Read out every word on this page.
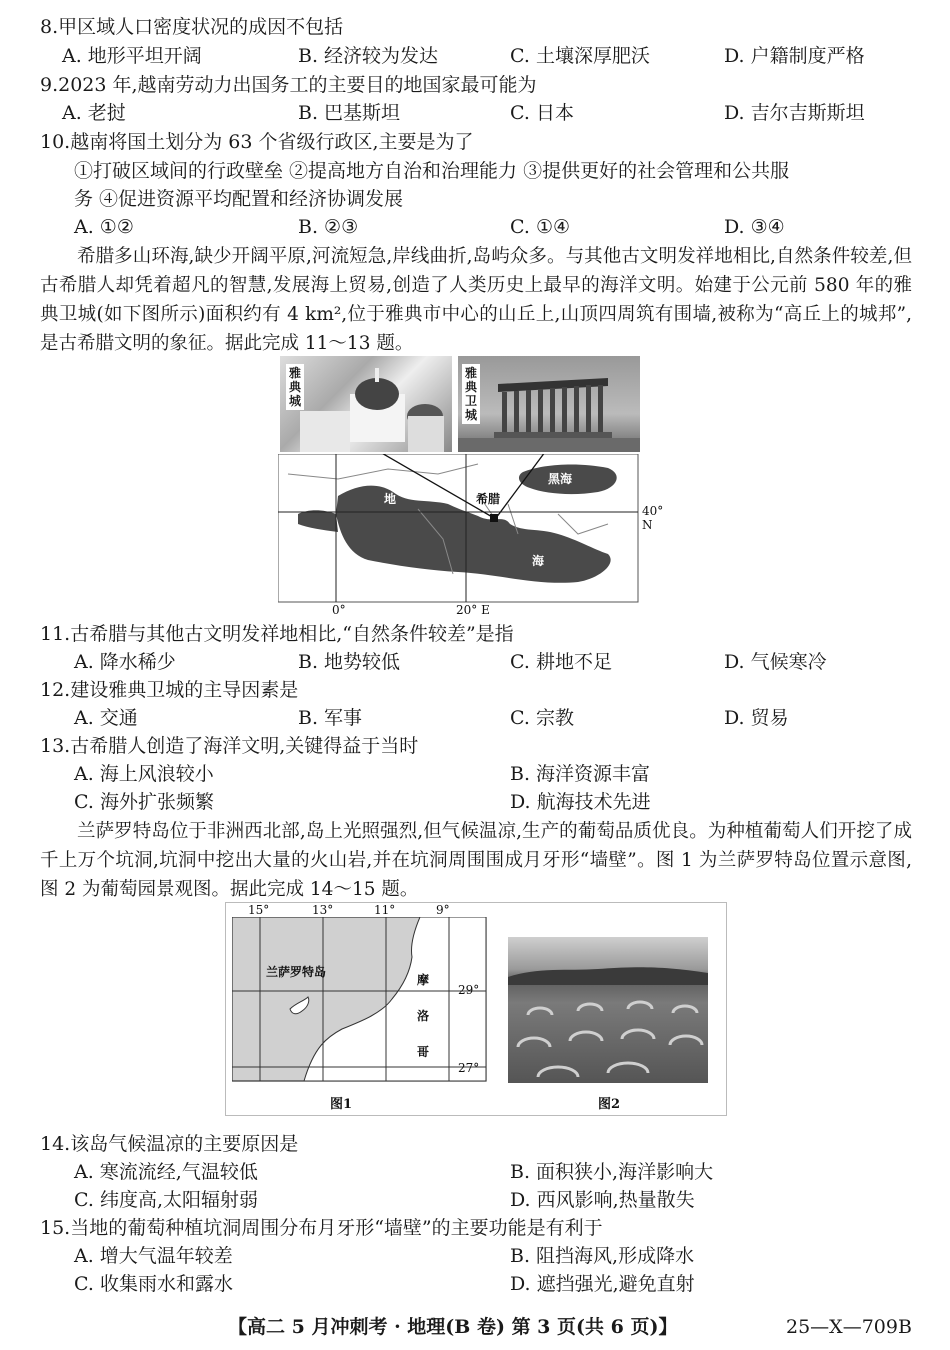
8.甲区域人口密度状况的成因不包括
A. 地形平坦开阔	B. 经济较为发达	C. 土壤深厚肥沃	D. 户籍制度严格
9.2023 年,越南劳动力出国务工的主要目的地国家最可能为
A. 老挝	B. 巴基斯坦	C. 日本	D. 吉尔吉斯斯坦
10.越南将国土划分为 63 个省级行政区,主要是为了
①打破区域间的行政壁垒 ②提高地方自治和治理能力 ③提供更好的社会管理和公共服
务 ④促进资源平均配置和经济协调发展
A. ①②	B. ②③	C. ①④	D. ③④
希腊多山环海,缺少开阔平原,河流短急,岸线曲折,岛屿众多。与其他古文明发祥地相比,自然条件较差,但古希腊人却凭着超凡的智慧,发展海上贸易,创造了人类历史上最早的海洋文明。始建于公元前 580 年的雅典卫城(如下图所示)面积约有 4 km²,位于雅典市中心的山丘上,山顶四周筑有围墙,被称为“高丘上的城邦”,是古希腊文明的象征。据此完成 11～13 题。
雅典城
雅典卫城
地
中
海
希腊
黑海
40° N
0°	20° E
11.古希腊与其他古文明发祥地相比,“自然条件较差”是指
A. 降水稀少	B. 地势较低	C. 耕地不足	D. 气候寒冷
12.建设雅典卫城的主导因素是
A. 交通	B. 军事	C. 宗教	D. 贸易
13.古希腊人创造了海洋文明,关键得益于当时
A. 海上风浪较小	B. 海洋资源丰富
C. 海外扩张频繁	D. 航海技术先进
兰萨罗特岛位于非洲西北部,岛上光照强烈,但气候温凉,生产的葡萄品质优良。为种植葡萄人们开挖了成千上万个坑洞,坑洞中挖出大量的火山岩,并在坑洞周围围成月牙形“墙壁”。图 1 为兰萨罗特岛位置示意图,图 2 为葡萄园景观图。据此完成 14～15 题。
15°	13°	11°	9°
29°
27°
兰萨罗特岛
摩
洛
哥
图1	图2
14.该岛气候温凉的主要原因是
A. 寒流流经,气温较低	B. 面积狭小,海洋影响大
C. 纬度高,太阳辐射弱	D. 西风影响,热量散失
15.当地的葡萄种植坑洞周围分布月牙形“墙壁”的主要功能是有利于
A. 增大气温年较差	B. 阻挡海风,形成降水
C. 收集雨水和露水	D. 遮挡强光,避免直射
【高二 5 月冲刺考 · 地理(B 卷) 第 3 页(共 6 页)】	25—X—709B
